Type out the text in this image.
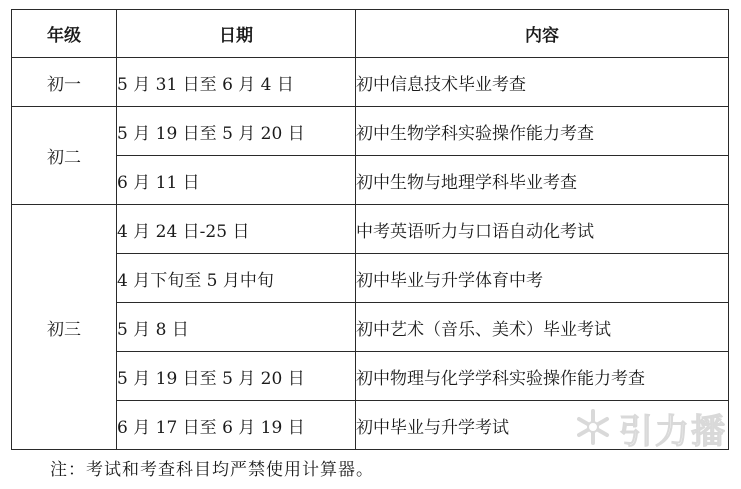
年级	日期	内容
初一	5 月 31 日至 6 月 4 日	初中信息技术毕业考查
初二	5 月 19 日至 5 月 20 日	初中生物学科实验操作能力考查
	6 月 11 日	初中生物与地理学科毕业考查
初三	4 月 24 日-25 日	中考英语听力与口语自动化考试
	4 月下旬至 5 月中旬	初中毕业与升学体育中考
	5 月 8 日	初中艺术（音乐、美术）毕业考试
	5 月 19 日至 5 月 20 日	初中物理与化学学科实验操作能力考查
	6 月 17 日至 6 月 19 日	初中毕业与升学考试
注：考试和考查科目均严禁使用计算器。
引力播
